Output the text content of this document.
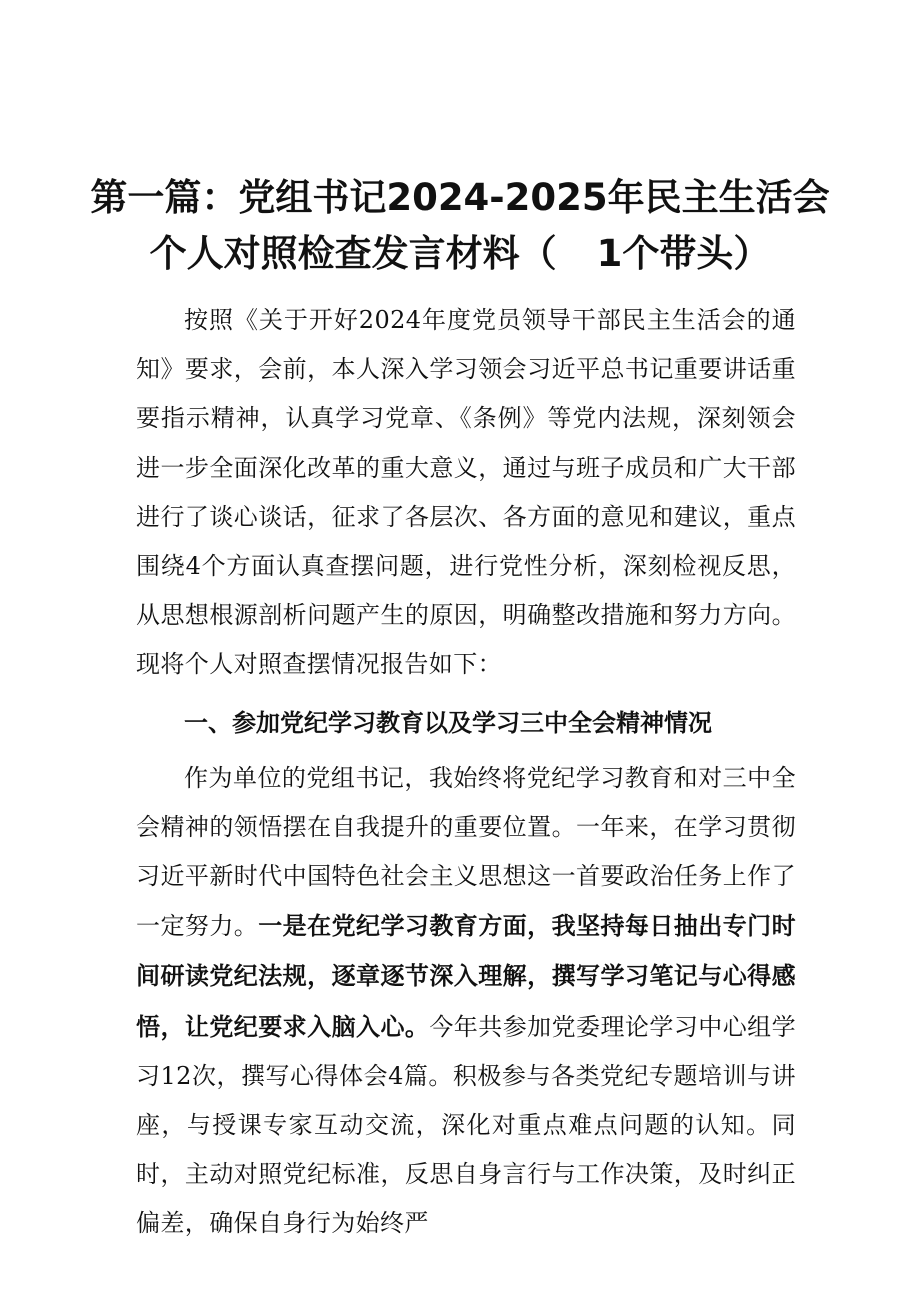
第一篇：党组书记2024-2025年民主生活会
个人对照检查发言材料（ 1个带头）

按照《关于开好2024年度党员领导干部民主生活会的通知》要求，会前，本人深入学习领会习近平总书记重要讲话重要指示精神，认真学习党章、《条例》等党内法规，深刻领会进一步全面深化改革的重大意义，通过与班子成员和广大干部进行了谈心谈话，征求了各层次、各方面的意见和建议，重点围绕4个方面认真查摆问题，进行党性分析，深刻检视反思，从思想根源剖析问题产生的原因，明确整改措施和努力方向。现将个人对照查摆情况报告如下：

一、参加党纪学习教育以及学习三中全会精神情况

作为单位的党组书记，我始终将党纪学习教育和对三中全会精神的领悟摆在自我提升的重要位置。一年来，在学习贯彻习近平新时代中国特色社会主义思想这一首要政治任务上作了一定努力。一是在党纪学习教育方面，我坚持每日抽出专门时间研读党纪法规，逐章逐节深入理解，撰写学习笔记与心得感悟，让党纪要求入脑入心。今年共参加党委理论学习中心组学习12次，撰写心得体会4篇。积极参与各类党纪专题培训与讲座，与授课专家互动交流，深化对重点难点问题的认知。同时，主动对照党纪标准，反思自身言行与工作决策，及时纠正偏差，确保自身行为始终严
